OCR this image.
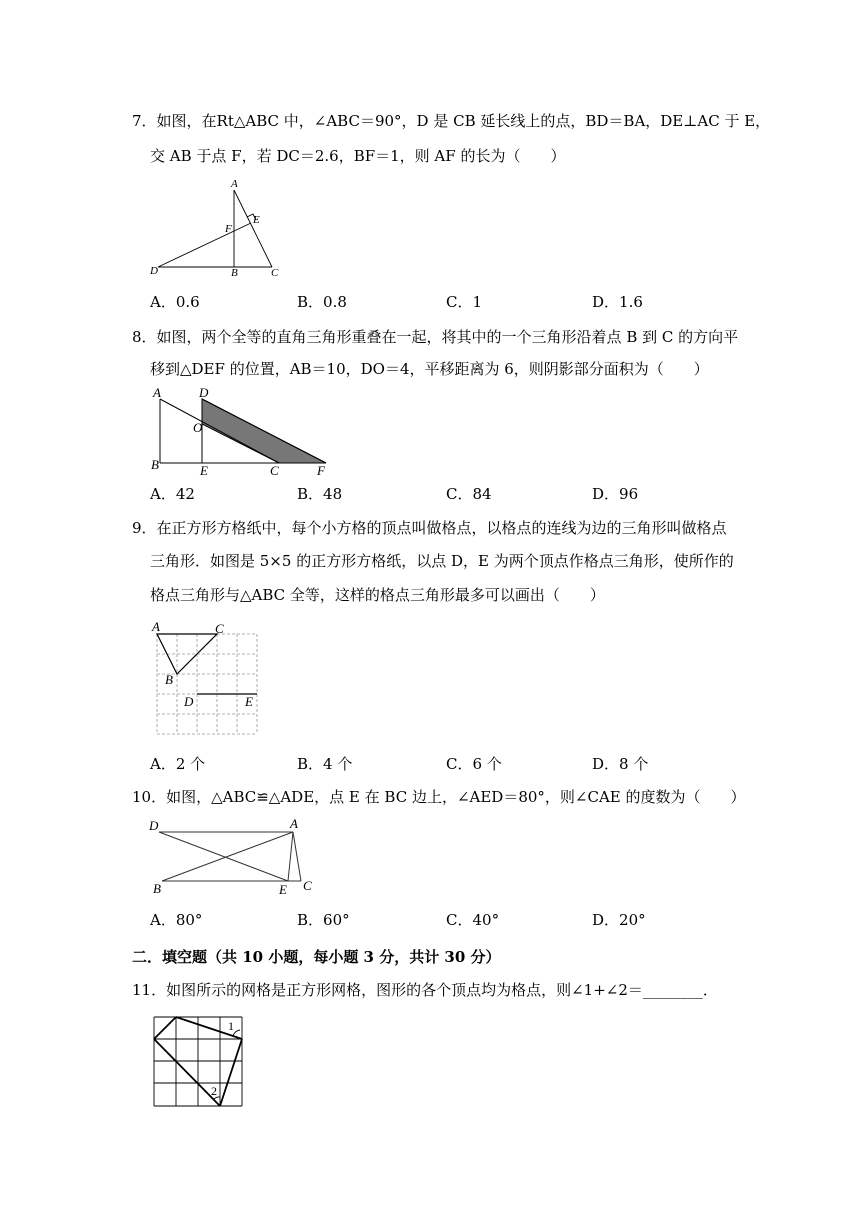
7．如图，在Rt△ABC 中，∠ABC＝90°，D 是 CB 延长线上的点，BD＝BA，DE⊥AC 于 E，
交 AB 于点 F，若 DC＝2.6，BF＝1，则 AF 的长为（　　）
A
E
F
D	B	C
A．0.6	B．0.8	C．1	D．1.6
8．如图，两个全等的直角三角形重叠在一起，将其中的一个三角形沿着点 B 到 C 的方向平
移到△DEF 的位置，AB＝10，DO＝4，平移距离为 6，则阴影部分面积为（　　）
A	D
O
B	E	C	F
A．42	B．48	C．84	D．96
9．在正方形方格纸中，每个小方格的顶点叫做格点，以格点的连线为边的三角形叫做格点
三角形．如图是 5×5 的正方形方格纸，以点 D，E 为两个顶点作格点三角形，使所作的
格点三角形与△ABC 全等，这样的格点三角形最多可以画出（　　）
A	C
B
D	E
A．2 个	B．4 个	C．6 个	D．8 个
10．如图，△ABC≌△ADE，点 E 在 BC 边上，∠AED＝80°，则∠CAE 的度数为（　　）
D	A
B	E C
A．80°	B．60°	C．40°	D．20°
二．填空题（共 10 小题，每小题 3 分，共计 30 分）
11．如图所示的网格是正方形网格，图形的各个顶点均为格点，则∠1+∠2＝________．
1
2
